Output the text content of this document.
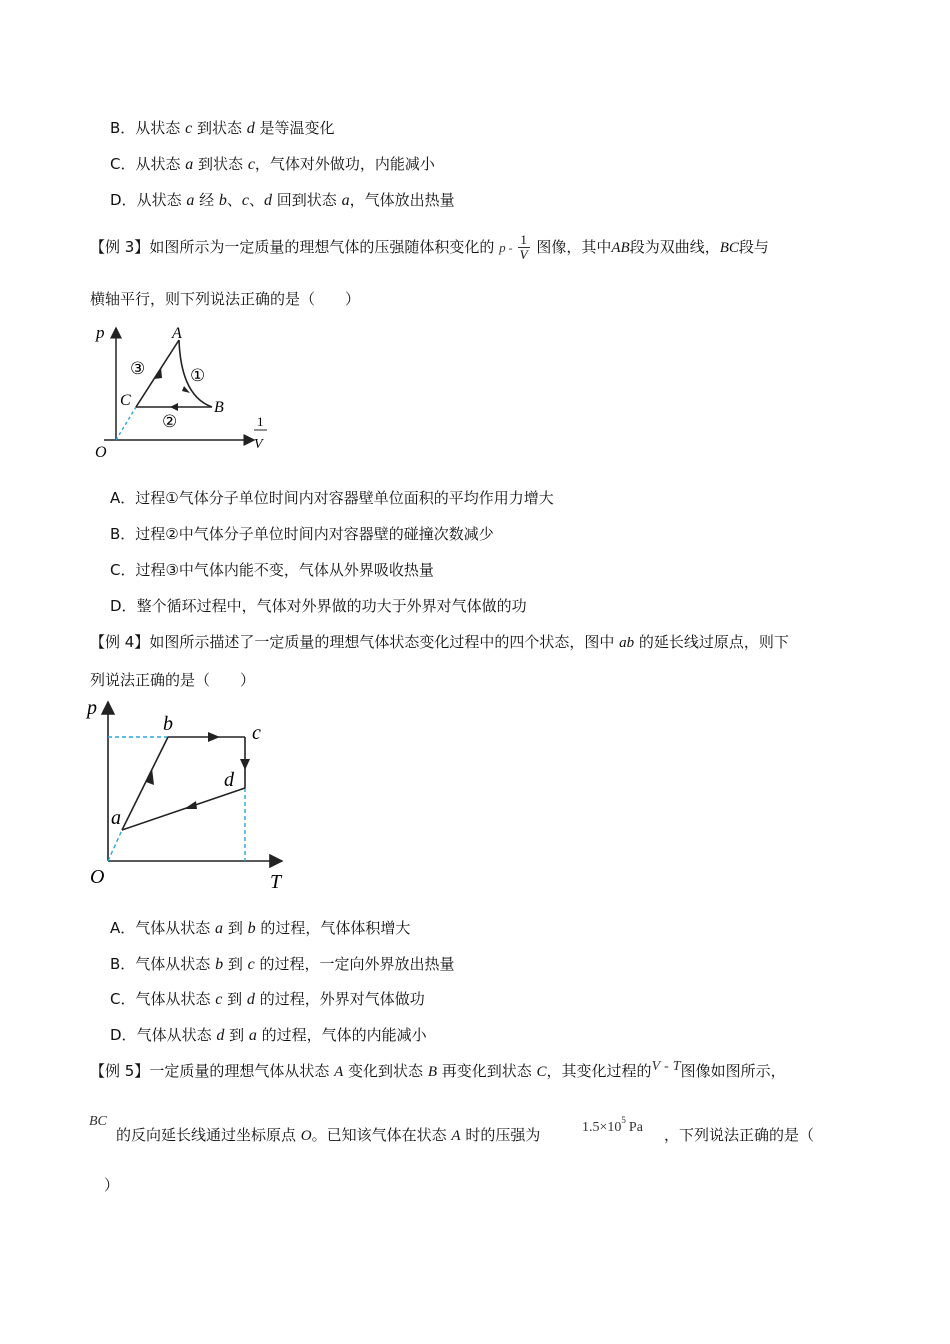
B．从状态 c 到状态 d 是等温变化
C．从状态 a 到状态 c，气体对外做功，内能减小
D．从状态 a 经 b、c、d 回到状态 a，气体放出热量
【例 3】如图所示为一定质量的理想气体的压强随体积变化的 p - $\frac{1}{V}$ 图像，其中AB段为双曲线，BC段与
横轴平行，则下列说法正确的是（　　）
p	A
B
C
O
①
②
③
1
V
A．过程①气体分子单位时间内对容器壁单位面积的平均作用力增大
B．过程②中气体分子单位时间内对容器壁的碰撞次数减少
C．过程③中气体内能不变，气体从外界吸收热量
D．整个循环过程中，气体对外界做的功大于外界对气体做的功
【例 4】如图所示描述了一定质量的理想气体状态变化过程中的四个状态，图中 ab 的延长线过原点，则下
列说法正确的是（　　）
p
T
O
a
b	c
d
A．气体从状态 a 到 b 的过程，气体体积增大
B．气体从状态 b 到 c 的过程，一定向外界放出热量
C．气体从状态 c 到 d 的过程，外界对气体做功
D．气体从状态 d 到 a 的过程，气体的内能减小
【例 5】一定质量的理想气体从状态 A 变化到状态 B 再变化到状态 C，其变化过程的V - T图像如图所示，
BC
的反向延长线通过坐标原点 O。已知该气体在状态 A 时的压强为	$1.5\times 10^5$ Pa ，下列说法正确的是（
）
